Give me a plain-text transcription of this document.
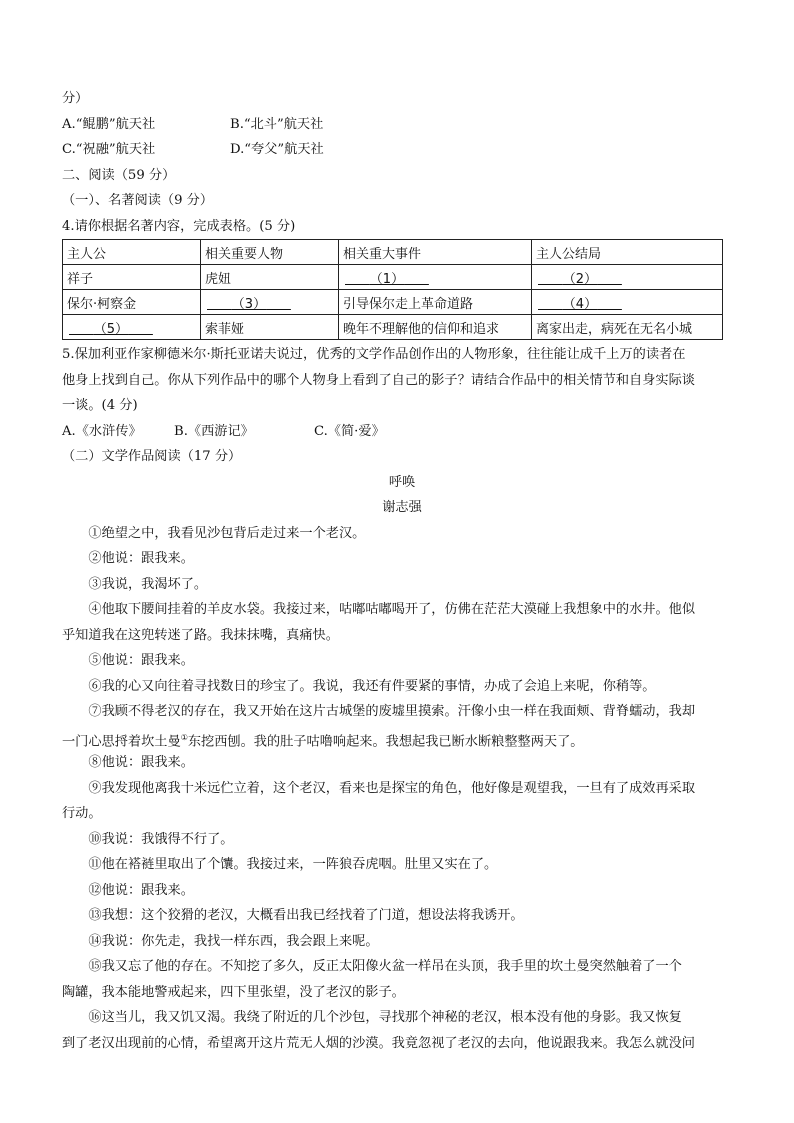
分）
A.“鲲鹏”航天社	B.“北斗”航天社
C.“祝融”航天社	D.“夸父”航天社
二、阅读（59 分）
（一）、名著阅读（9 分）
4.请你根据名著内容，完成表格。(5 分)
主人公	相关重要人物	相关重大事件	主人公结局
祥子	虎妞	（1）	（2）
保尔·柯察金	（3）	引导保尔走上革命道路	（4）
（5）	索菲娅	晚年不理解他的信仰和追求	离家出走，病死在无名小城
5.保加利亚作家柳德米尔·斯托亚诺夫说过，优秀的文学作品创作出的人物形象，往往能让成千上万的读者在
他身上找到自己。你从下列作品中的哪个人物身上看到了自己的影子？请结合作品中的相关情节和自身实际谈
一谈。(4 分)
A.《水浒传》 B.《西游记》	C.《简·爱》
（二）文学作品阅读（17 分）
呼唤
谢志强
①绝望之中，我看见沙包背后走过来一个老汉。
②他说：跟我来。
③我说，我渴坏了。
④他取下腰间挂着的羊皮水袋。我接过来，咕嘟咕嘟喝开了，仿佛在茫茫大漠碰上我想象中的水井。他似
乎知道我在这兜转迷了路。我抹抹嘴，真痛快。
⑤他说：跟我来。
⑥我的心又向往着寻找数日的珍宝了。我说，我还有件要紧的事情，办成了会追上来呢，你稍等。
⑦我顾不得老汉的存在，我又开始在这片古城堡的废墟里摸索。汗像小虫一样在我面颊、背脊蠕动，我却
一门心思捋着坎土曼①东挖西刨。我的肚子咕噜响起来。我想起我已断水断粮整整两天了。
⑧他说：跟我来。
⑨我发现他离我十米远伫立着，这个老汉，看来也是探宝的角色，他好像是观望我，一旦有了成效再采取
行动。
⑩我说：我饿得不行了。
⑪他在褡裢里取出了个馕。我接过来，一阵狼吞虎咽。肚里又实在了。
⑫他说：跟我来。
⑬我想：这个狡猾的老汉，大概看出我已经找着了门道，想设法将我诱开。
⑭我说：你先走，我找一样东西，我会跟上来呢。
⑮我又忘了他的存在。不知挖了多久，反正太阳像火盆一样吊在头顶，我手里的坎土曼突然触着了一个
陶罐，我本能地警戒起来，四下里张望，没了老汉的影子。
⑯这当儿，我又饥又渴。我绕了附近的几个沙包，寻找那个神秘的老汉，根本没有他的身影。我又恢复
到了老汉出现前的心情，希望离开这片荒无人烟的沙漠。我竟忽视了老汉的去向，他说跟我来。我怎么就没问
